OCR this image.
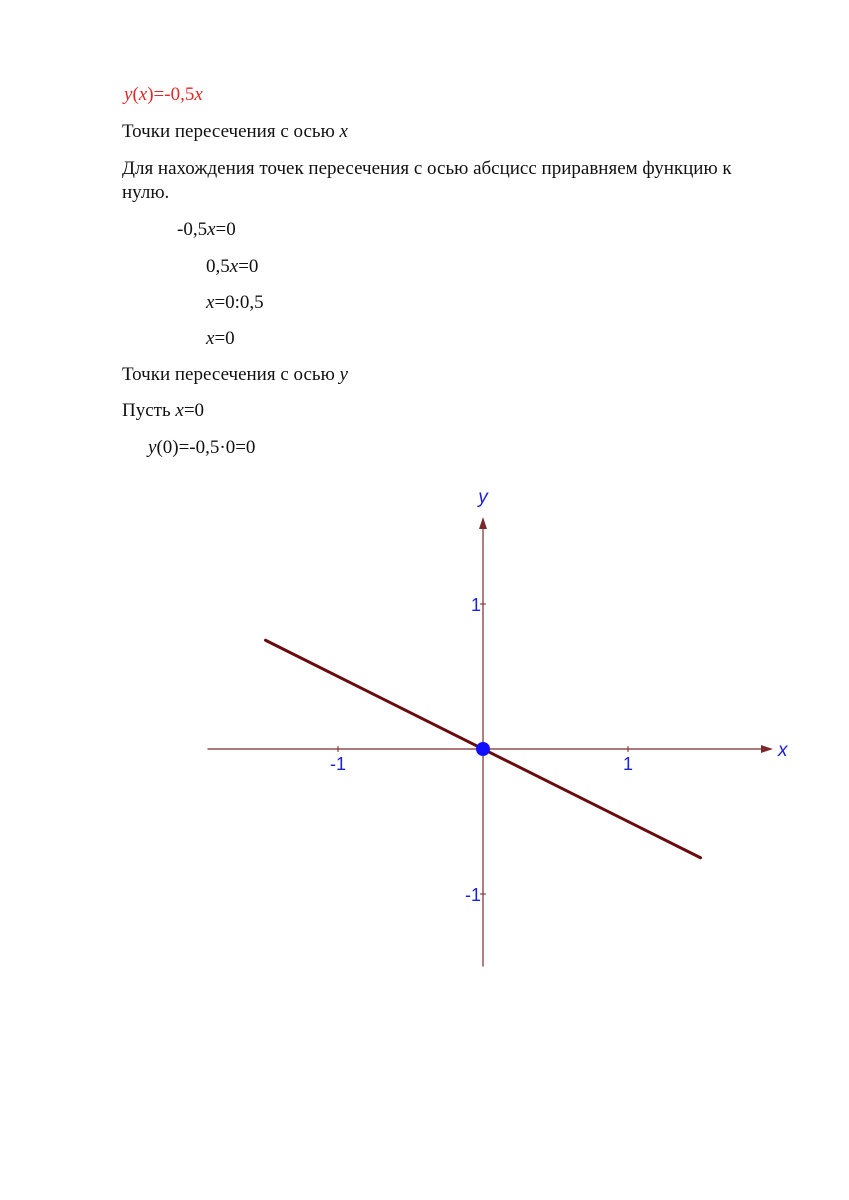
y(x)=-0,5x
Точки пересечения с осью x
Для нахождения точек пересечения с осью абсцисс приравняем функцию к нулю.
-0,5x=0
0,5x=0
x=0:0,5
x=0
Точки пересечения с осью y
Пусть x=0
y(0)=-0,5·0=0
-1	1
1
-1
x
y
